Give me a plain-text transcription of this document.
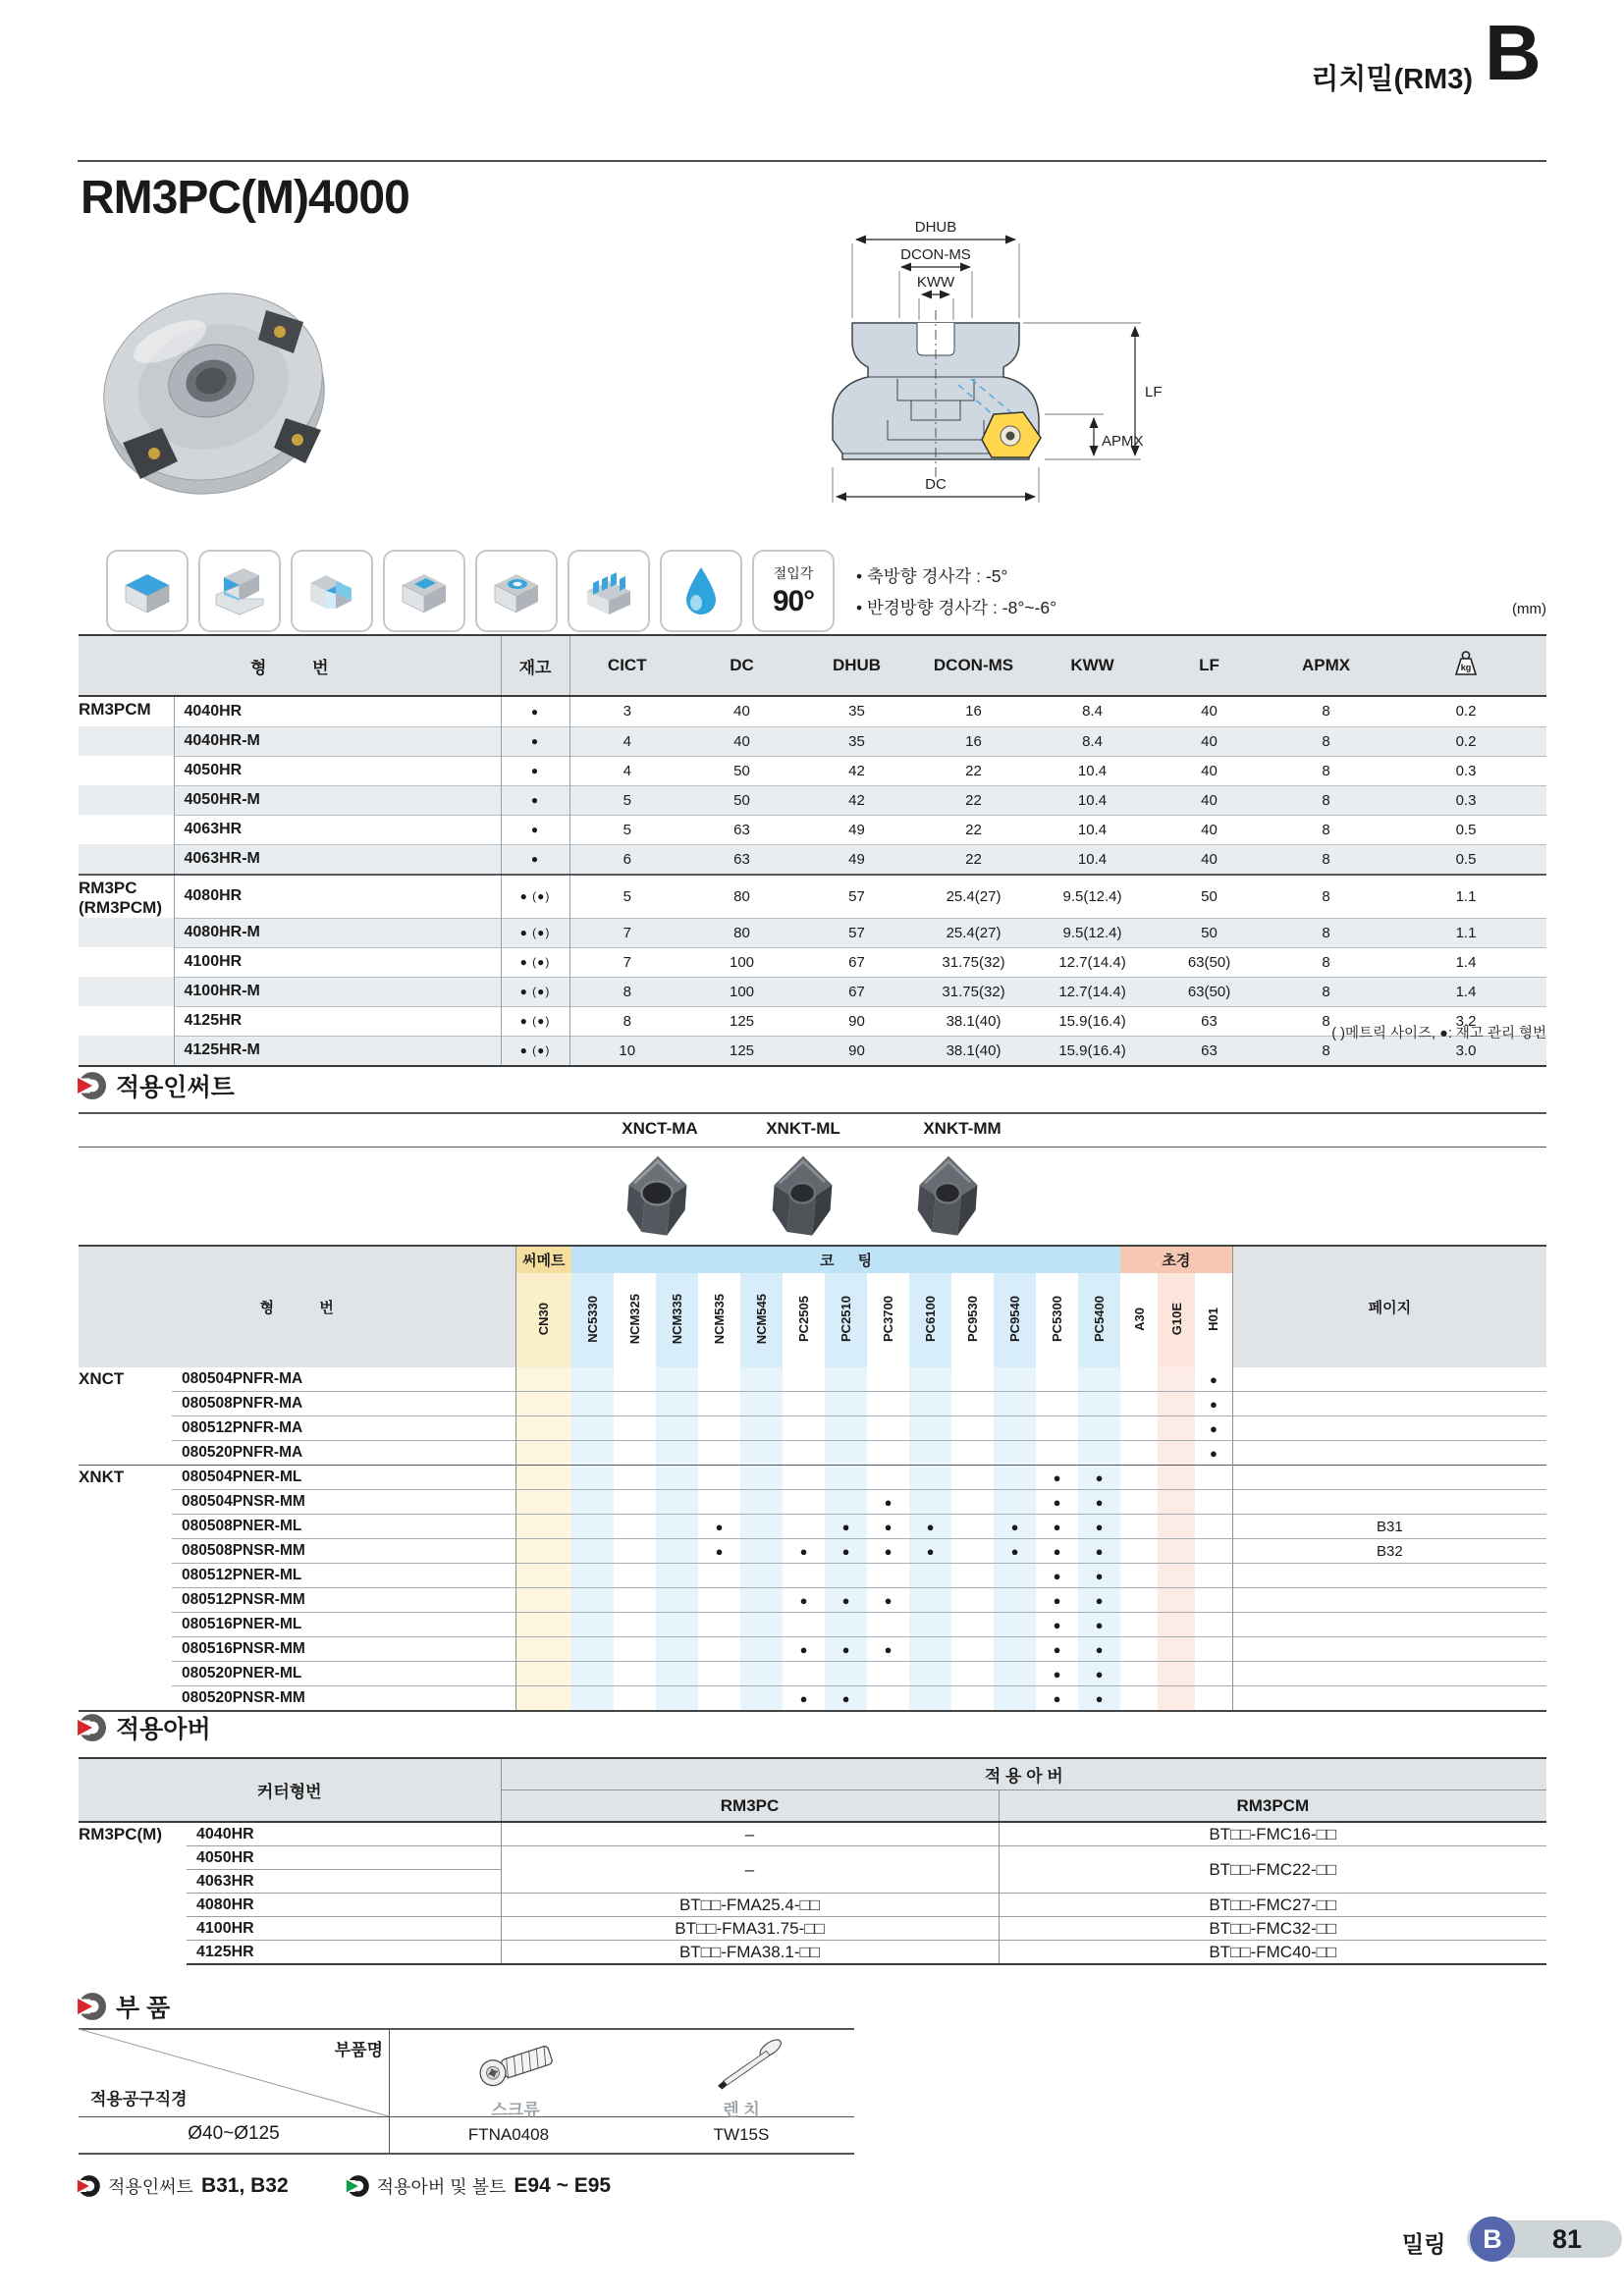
리치밀(RM3) B
RM3PC(M)4000
DHUB
DCON-MS
KWW
LF
APMX
DC
절입각
90°
• 축방향 경사각 : -5°
• 반경방향 경사각 : -8°~-6°	(mm)
형 번		재고	CICT	DC	DHUB	DCON-MS	KWW	LF	APMX	kg

RM3PCM	4040HR	●	3	40	35	16	8.4	40	8	0.2
	4040HR-M	●	4	40	35	16	8.4	40	8	0.2
	4050HR	●	4	50	42	22	10.4	40	8	0.3
	4050HR-M	●	5	50	42	22	10.4	40	8	0.3
	4063HR	●	5	63	49	22	10.4	40	8	0.5
	4063HR-M	●	6	63	49	22	10.4	40	8	0.5

RM3PC
(RM3PCM)	4080HR	● (●)	5	80	57	25.4(27)	9.5(12.4)	50	8	1.1
	4080HR-M	● (●)	7	80	57	25.4(27)	9.5(12.4)	50	8	1.1
	4100HR	● (●)	7	100	67	31.75(32)	12.7(14.4)	63(50)	8	1.4
	4100HR-M	● (●)	8	100	67	31.75(32)	12.7(14.4)	63(50)	8	1.4
	4125HR	● (●)	8	125	90	38.1(40)	15.9(16.4)	63	8	3.2
	4125HR-M	● (●)	10	125	90	38.1(40)	15.9(16.4)	63	8	3.0
( )메트릭 사이즈, ●: 재고 관리 형번
적용인써트
XNCT-MA	XNKT-ML	XNKT-MM
형 번		써메트	코 팅													초경			페이지
		CN30	NC5330	NCM325	NCM335	NCM535	NCM545	PC2505	PC2510	PC3700	PC6100	PC9530	PC9540	PC5300	PC5400	A30	G10E	H01	
XNCT	080504PNFR-MA																	●	
	080508PNFR-MA																	●	
	080512PNFR-MA																	●	
	080520PNFR-MA																	●	
XNKT	080504PNER-ML													●	●				
	080504PNSR-MM									●				●	●				
	080508PNER-ML					●			●	●	●		●	●	●				B31
	080508PNSR-MM					●		●	●	●	●		●	●	●				B32
	080512PNER-ML													●	●				
	080512PNSR-MM							●	●	●				●	●				
	080516PNER-ML													●	●				
	080516PNSR-MM							●	●	●				●	●				
	080520PNER-ML													●	●				
	080520PNSR-MM							●	●					●	●				
적용아버
커터형번		적 용 아 버	
		RM3PC	RM3PCM
RM3PC(M)	4040HR	–	BT□□-FMC16-□□
	4050HR	–	BT□□-FMC22-□□
	4063HR		
	4080HR	BT□□-FMA25.4-□□	BT□□-FMC27-□□
	4100HR	BT□□-FMA31.75-□□	BT□□-FMC32-□□
	4125HR	BT□□-FMA38.1-□□	BT□□-FMC40-□□
부 품
부품명
적용공구직경
스크류	렌 치
Ø40~Ø125	FTNA0408	TW15S
적용인써트 B31, B32	적용아버 및 볼트 E94 ~ E95
밀링	B	81
